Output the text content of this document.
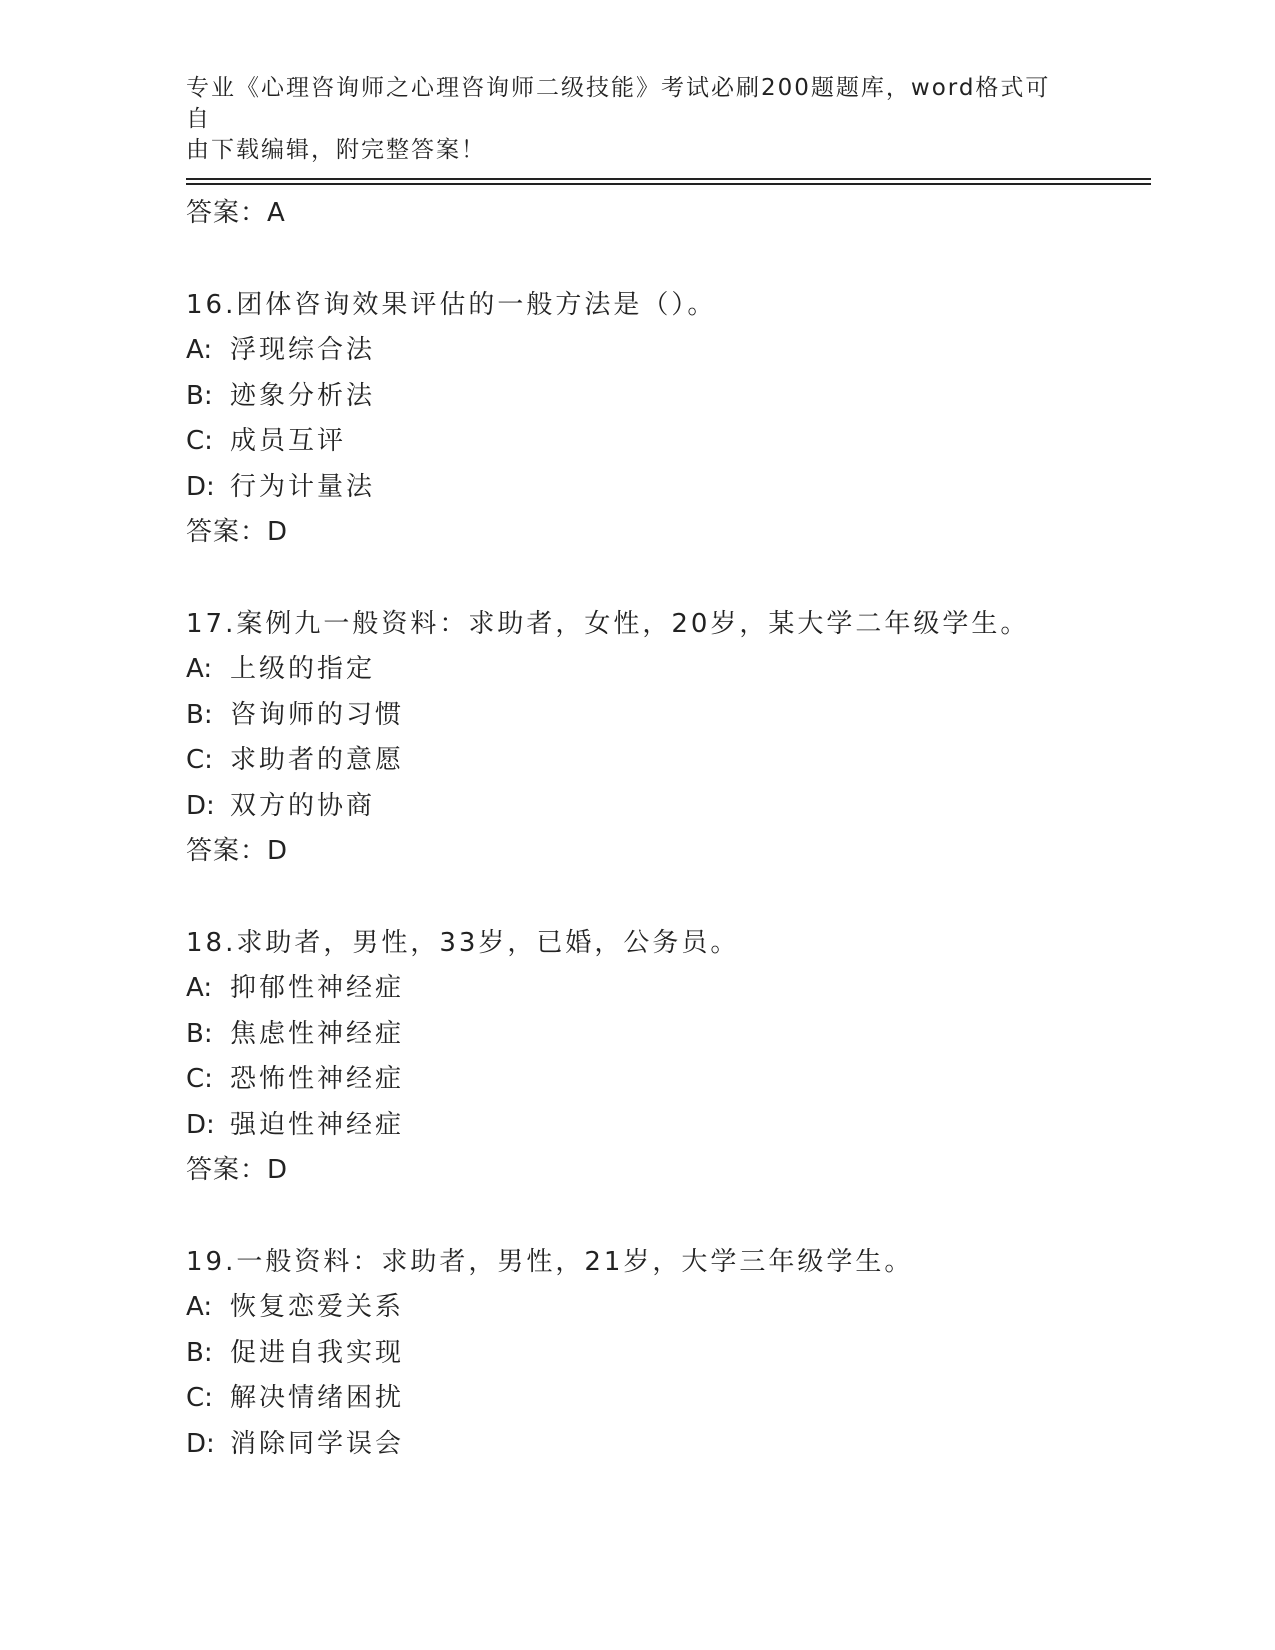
专业《心理咨询师之心理咨询师二级技能》考试必刷200题题库，word格式可自
由下载编辑，附完整答案！
答案：A
16.团体咨询效果评估的一般方法是（）。
A: 浮现综合法
B: 迹象分析法
C: 成员互评
D: 行为计量法
答案：D
17.案例九一般资料：求助者，女性，20岁，某大学二年级学生。
A: 上级的指定
B: 咨询师的习惯
C: 求助者的意愿
D: 双方的协商
答案：D
18.求助者，男性，33岁，已婚，公务员。
A: 抑郁性神经症
B: 焦虑性神经症
C: 恐怖性神经症
D: 强迫性神经症
答案：D
19.一般资料：求助者，男性，21岁，大学三年级学生。
A: 恢复恋爱关系
B: 促进自我实现
C: 解决情绪困扰
D: 消除同学误会
